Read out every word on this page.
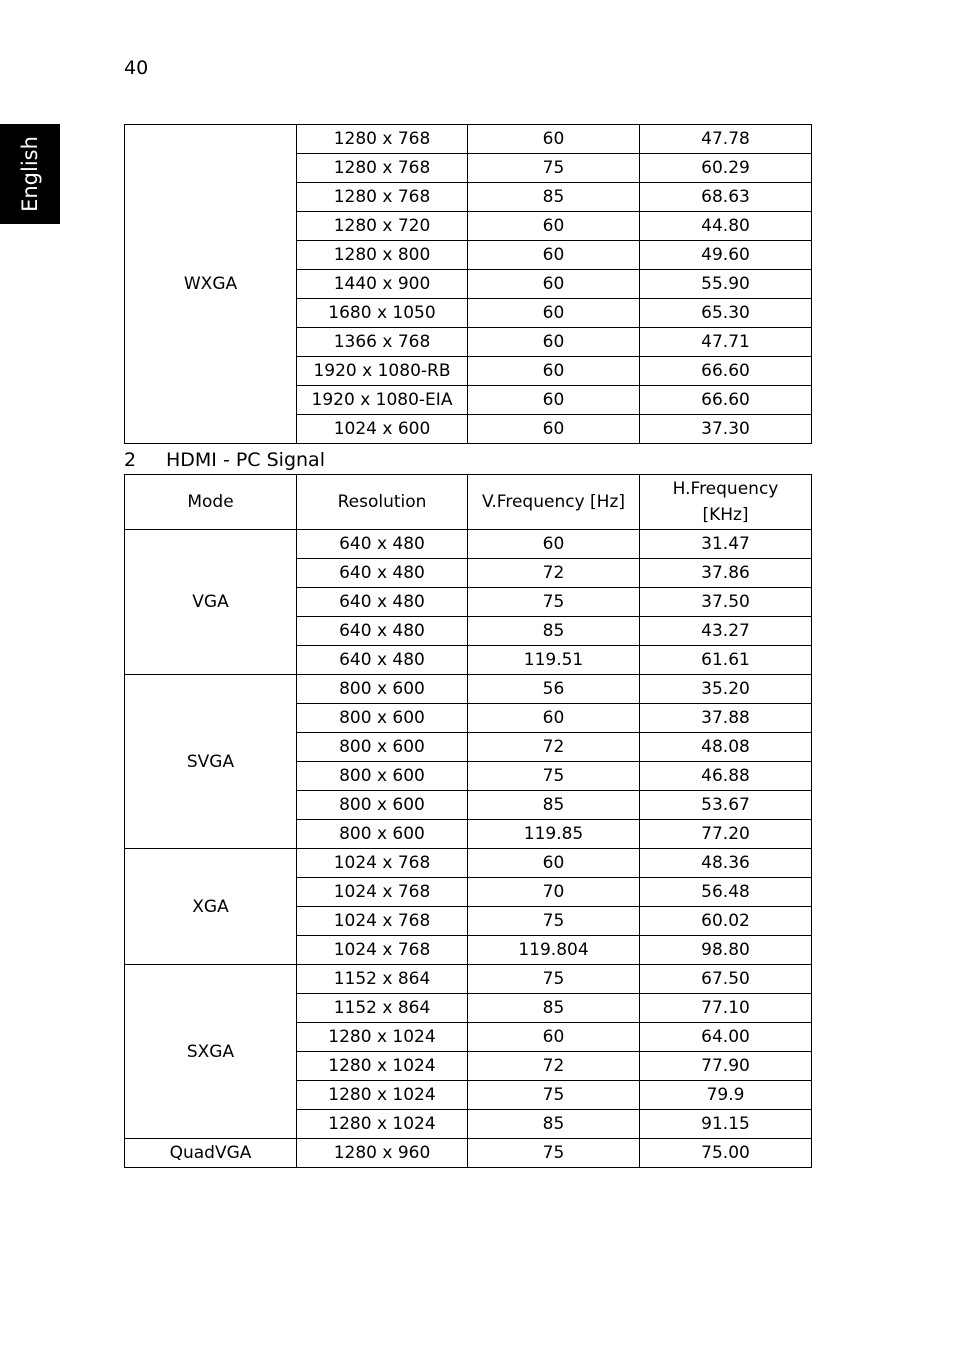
40
English
WXGA	1280 x 768	60	47.78
	1280 x 768	75	60.29
	1280 x 768	85	68.63
	1280 x 720	60	44.80
	1280 x 800	60	49.60
	1440 x 900	60	55.90
	1680 x 1050	60	65.30
	1366 x 768	60	47.71
	1920 x 1080-RB	60	66.60
	1920 x 1080-EIA	60	66.60
	1024 x 600	60	37.30
2 HDMI - PC Signal
Mode	Resolution	V.Frequency [Hz]	H.Frequency [KHz]
VGA	640 x 480	60	31.47
	640 x 480	72	37.86
	640 x 480	75	37.50
	640 x 480	85	43.27
	640 x 480	119.51	61.61
SVGA	800 x 600	56	35.20
	800 x 600	60	37.88
	800 x 600	72	48.08
	800 x 600	75	46.88
	800 x 600	85	53.67
	800 x 600	119.85	77.20
XGA	1024 x 768	60	48.36
	1024 x 768	70	56.48
	1024 x 768	75	60.02
	1024 x 768	119.804	98.80
SXGA	1152 x 864	75	67.50
	1152 x 864	85	77.10
	1280 x 1024	60	64.00
	1280 x 1024	72	77.90
	1280 x 1024	75	79.9
	1280 x 1024	85	91.15
QuadVGA	1280 x 960	75	75.00
